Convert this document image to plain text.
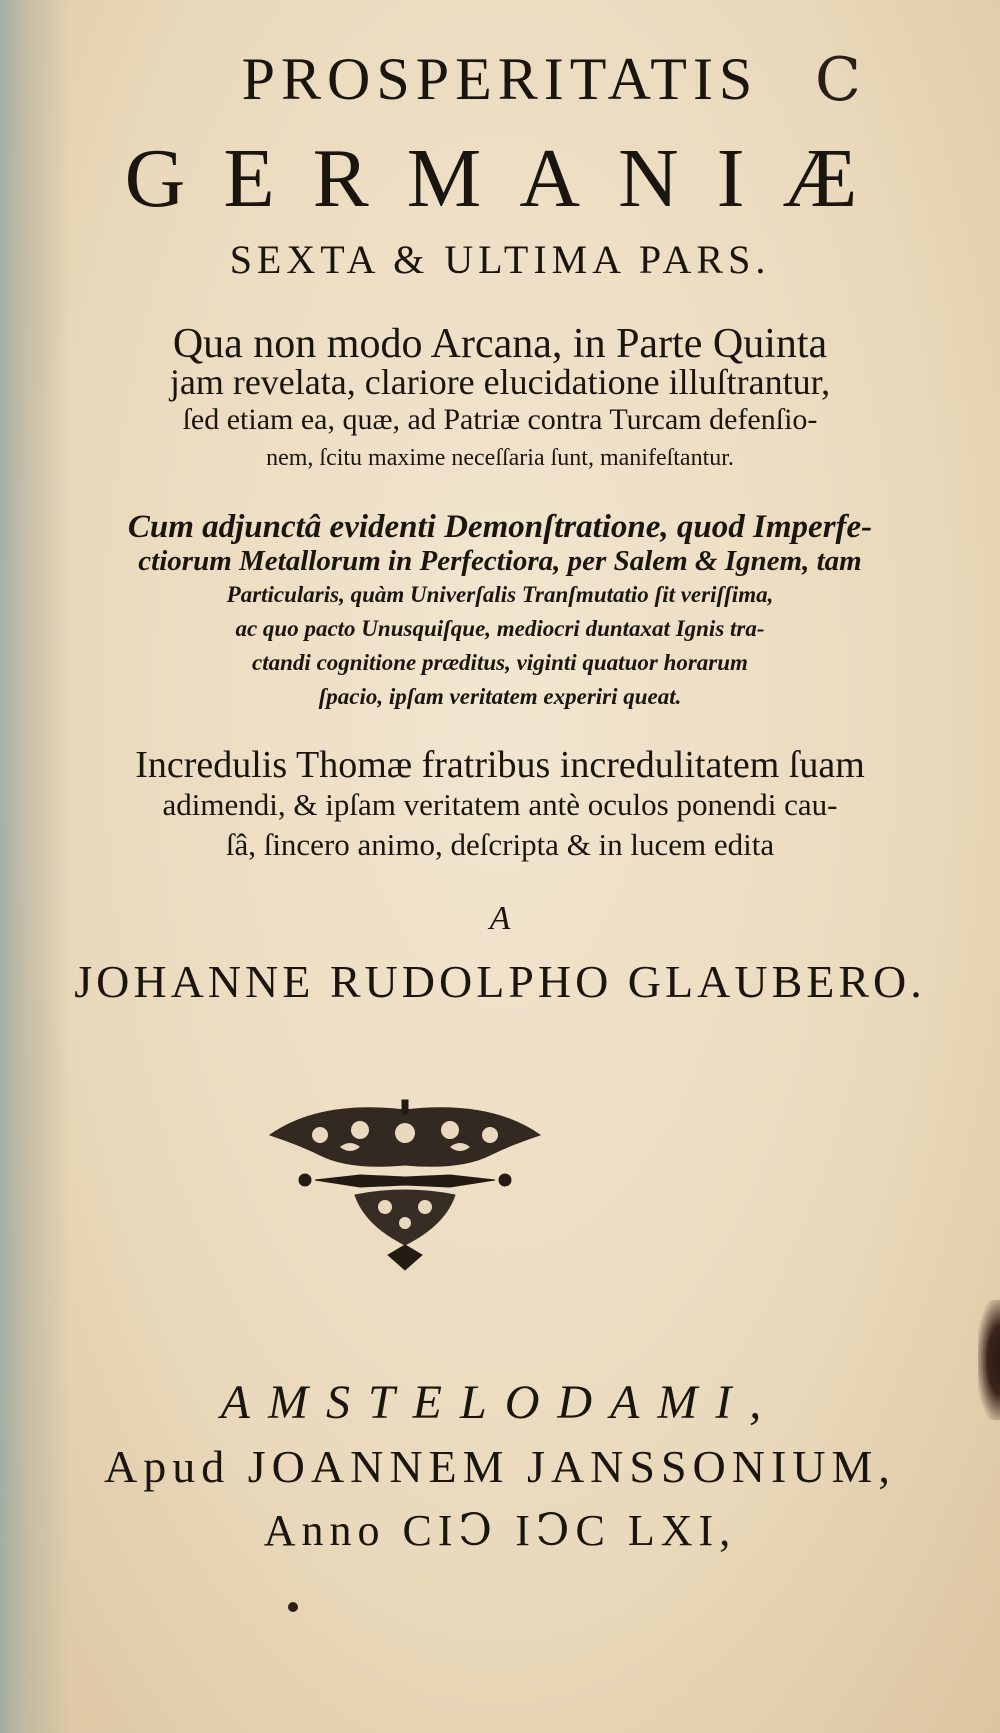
PROSPERITATIS C
GERMANIÆ
SEXTA & ULTIMA PARS.
Qua non modo Arcana, in Parte Quinta
jam revelata, clariore elucidatione illuſtrantur,
ſed etiam ea, quæ, ad Patriæ contra Turcam defenſio-
nem, ſcitu maxime neceſſaria ſunt, manifeſtantur.
Cum adjunctâ evidenti Demonſtratione, quod Imperfe-
ctiorum Metallorum in Perfectiora, per Salem & Ignem, tam
Particularis, quàm Univerſalis Tranſmutatio ſit veriſſima,
ac quo pacto Unusquiſque, mediocri duntaxat Ignis tra-
ctandi cognitione præditus, viginti quatuor horarum
ſpacio, ipſam veritatem experiri queat.
Incredulis Thomæ fratribus incredulitatem ſuam
adimendi, & ipſam veritatem antè oculos ponendi cau-
ſâ, ſincero animo, deſcripta & in lucem edita
A
JOHANNE RUDOLPHO GLAUBERO.
AMSTELODAMI,
Apud JOANNEM JANSSONIUM,
Anno CIↃ IↃC LXI,
